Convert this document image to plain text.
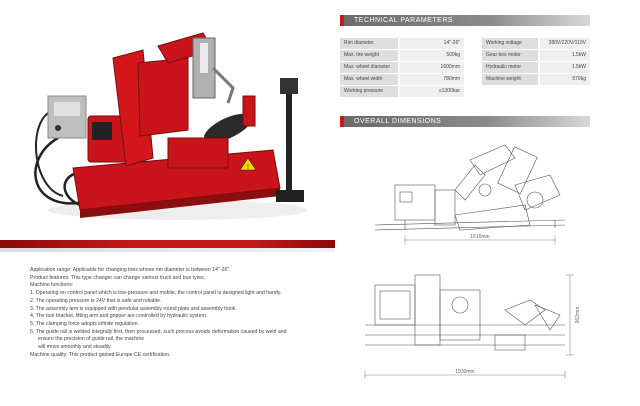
!
TECHNICAL PARAMETERS
Rim diameter	14"-26"	Working voltage	380V/220V/110V
Max. tire weight	500kg	Gear box motor	1.5kW
Max. wheel diameter	1600mm	Hydraulic motor	1.5kW
Max. wheel width	780mm	Machine weight	570kg
Working pressure	≤1300bar
OVERALL DIMENSIONS
1516mm
1930mm
962mm
Application range: Applicable for changing tires whose rim diameter is between 14"-26".
Product features: This type changer can change various truck and bus tyres.
Machine functions:
1. Operating on control panel which is low-pressure and mobile, the control panel is designed light and handy.
2. The operating pressure is 24V that is safe and reliable.
3. The assembly arm is equipped with pendular assembly round plate and assembly hook.
4. The tool bracket, lifting arm and gripper are controlled by hydraulic system.
5. The clamping force adopts infinite regulation.
6. The guide rail is welded integrally first, then processed, such process avoids deformation caused by weld and
ensure the precision of guide rail, the machine
will move smoothly and steadily.
Machine quality: This product gained Europe CE certification.
